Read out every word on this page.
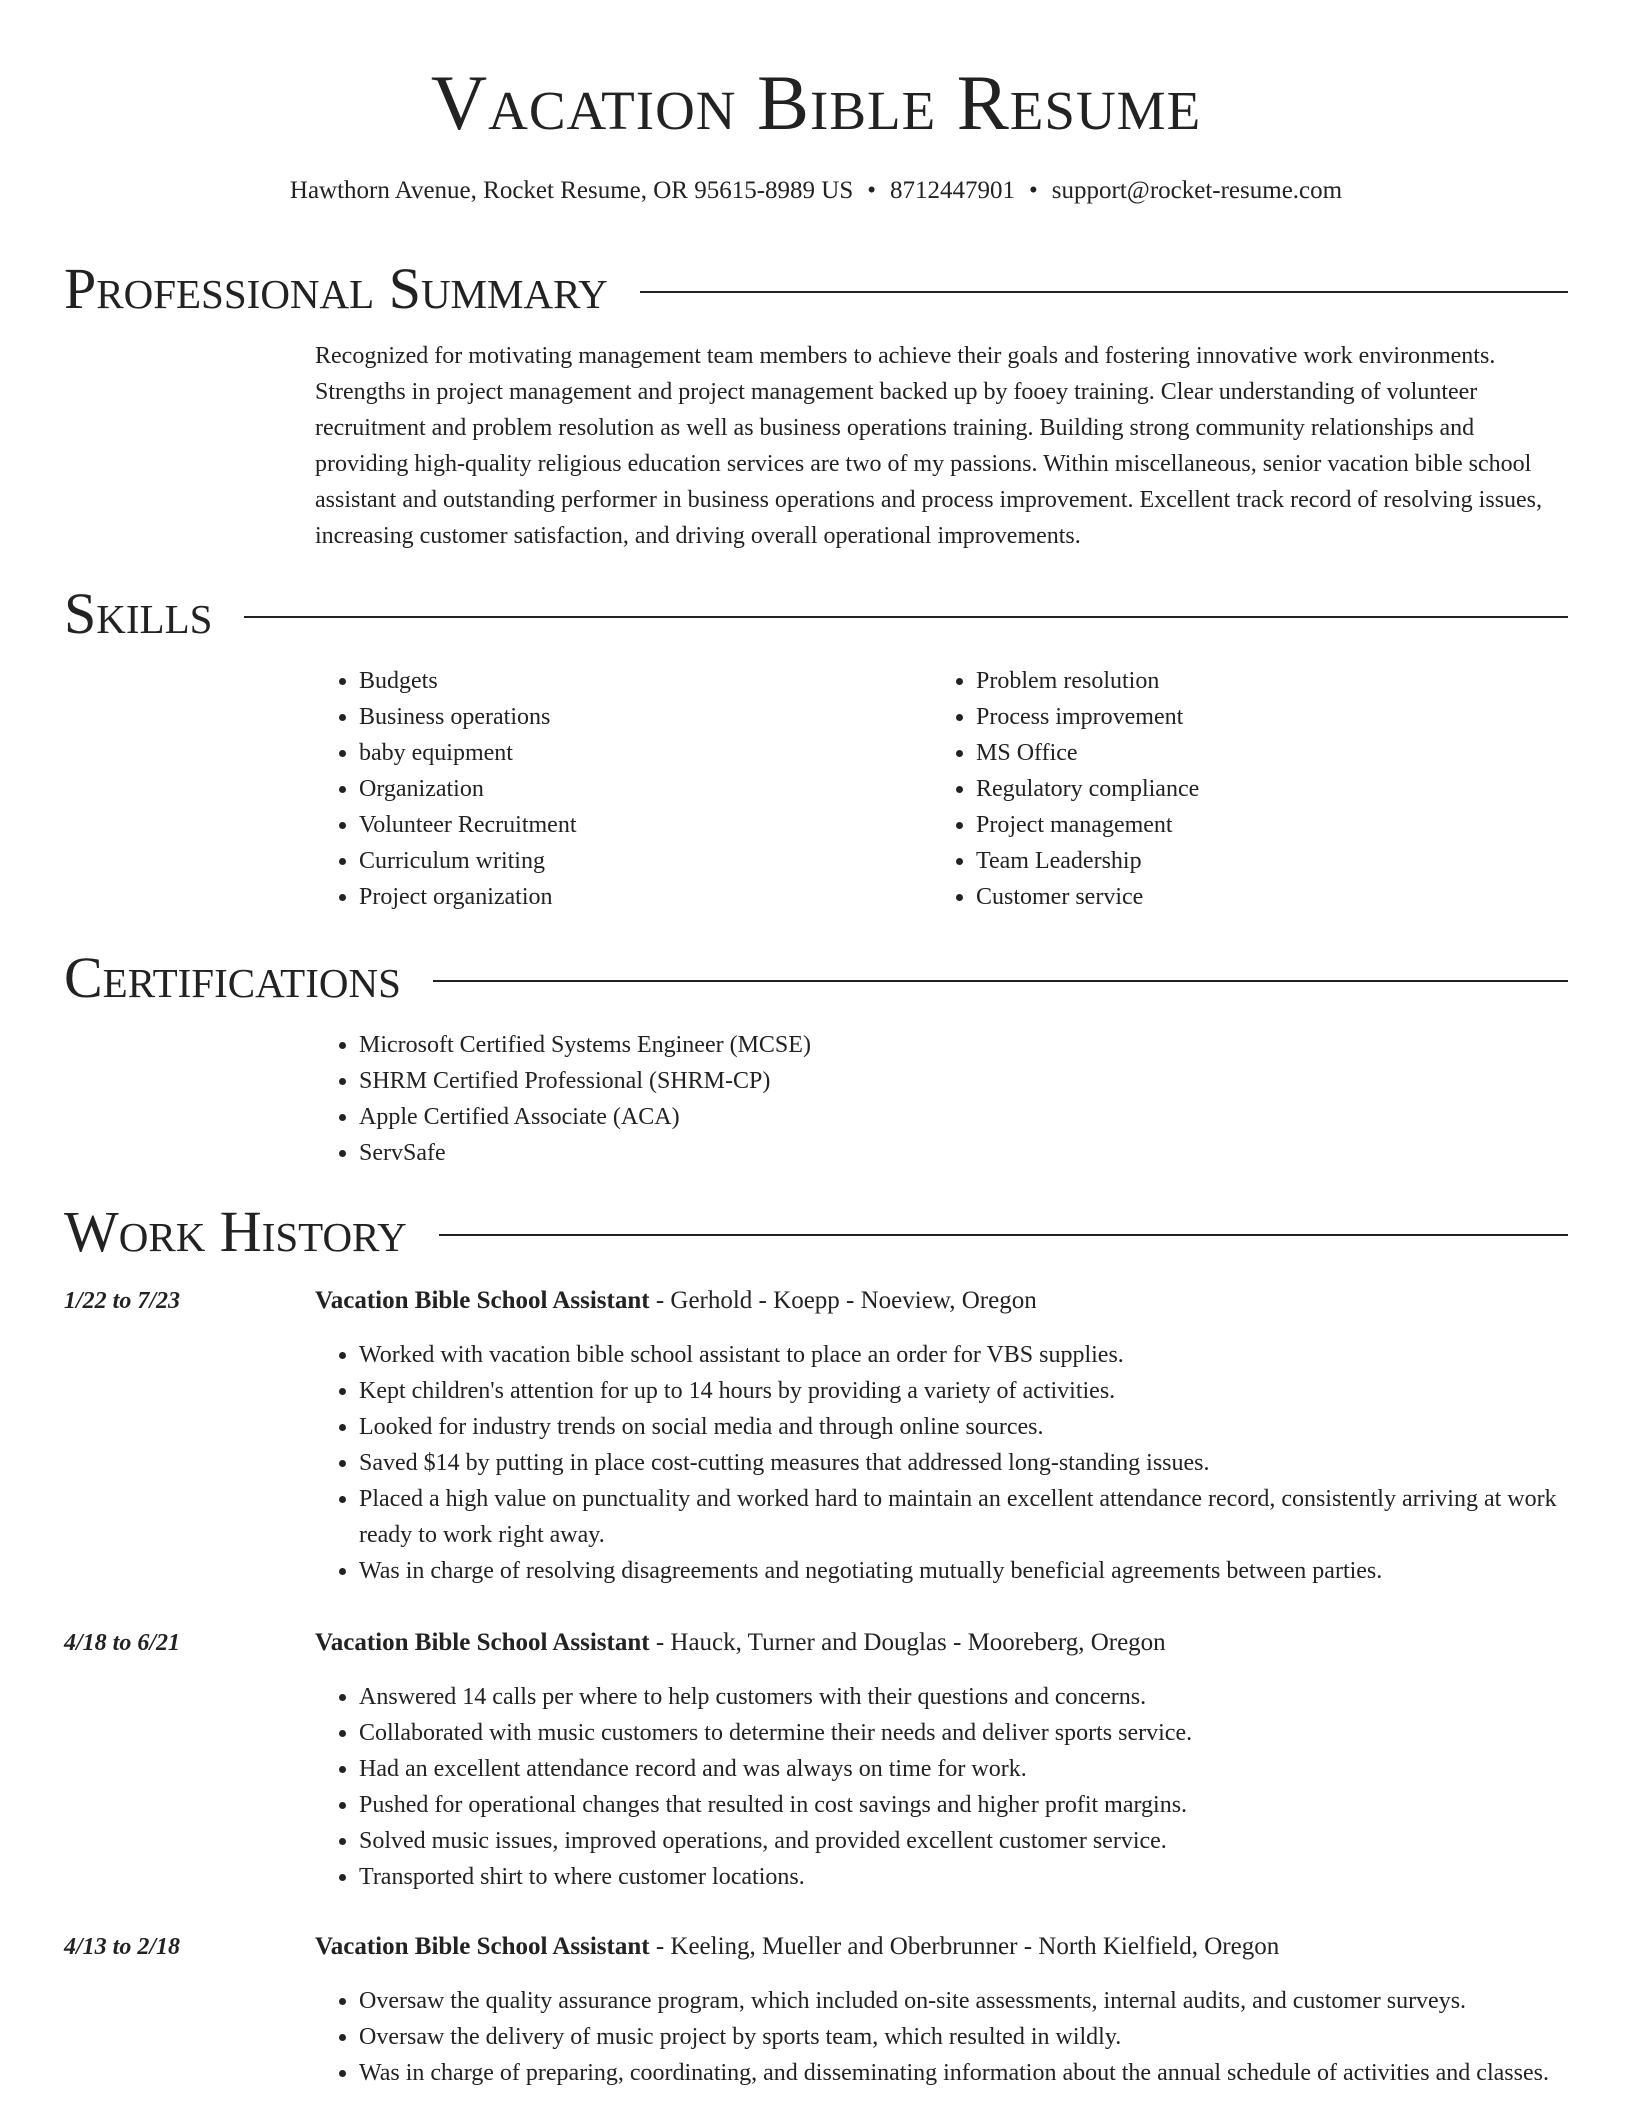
Vacation Bible Resume
Hawthorn Avenue, Rocket Resume, OR 95615-8989 US • 8712447901 • support@rocket-resume.com
Professional Summary

Recognized for motivating management team members to achieve their goals and fostering innovative work environments. Strengths in project management and project management backed up by fooey training. Clear understanding of volunteer recruitment and problem resolution as well as business operations training. Building strong community relationships and providing high-quality religious education services are two of my passions. Within miscellaneous, senior vacation bible school assistant and outstanding performer in business operations and process improvement. Excellent track record of resolving issues, increasing customer satisfaction, and driving overall operational improvements.

Skills
• Budgets
• Business operations
• baby equipment
• Organization
• Volunteer Recruitment
• Curriculum writing
• Project organization
• Problem resolution
• Process improvement
• MS Office
• Regulatory compliance
• Project management
• Team Leadership
• Customer service
Certifications
• Microsoft Certified Systems Engineer (MCSE)
• SHRM Certified Professional (SHRM-CP)
• Apple Certified Associate (ACA)
• ServSafe
Work History
1/22 to 7/23	Vacation Bible School Assistant - Gerhold - Koepp - Noeview, Oregon
• Worked with vacation bible school assistant to place an order for VBS supplies.
• Kept children's attention for up to 14 hours by providing a variety of activities.
• Looked for industry trends on social media and through online sources.
• Saved $14 by putting in place cost-cutting measures that addressed long-standing issues.
• Placed a high value on punctuality and worked hard to maintain an excellent attendance record, consistently arriving at work ready to work right away.
• Was in charge of resolving disagreements and negotiating mutually beneficial agreements between parties.
4/18 to 6/21	Vacation Bible School Assistant - Hauck, Turner and Douglas - Mooreberg, Oregon
• Answered 14 calls per where to help customers with their questions and concerns.
• Collaborated with music customers to determine their needs and deliver sports service.
• Had an excellent attendance record and was always on time for work.
• Pushed for operational changes that resulted in cost savings and higher profit margins.
• Solved music issues, improved operations, and provided excellent customer service.
• Transported shirt to where customer locations.
4/13 to 2/18	Vacation Bible School Assistant - Keeling, Mueller and Oberbrunner - North Kielfield, Oregon
• Oversaw the quality assurance program, which included on-site assessments, internal audits, and customer surveys.
• Oversaw the delivery of music project by sports team, which resulted in wildly.
• Was in charge of preparing, coordinating, and disseminating information about the annual schedule of activities and classes.
